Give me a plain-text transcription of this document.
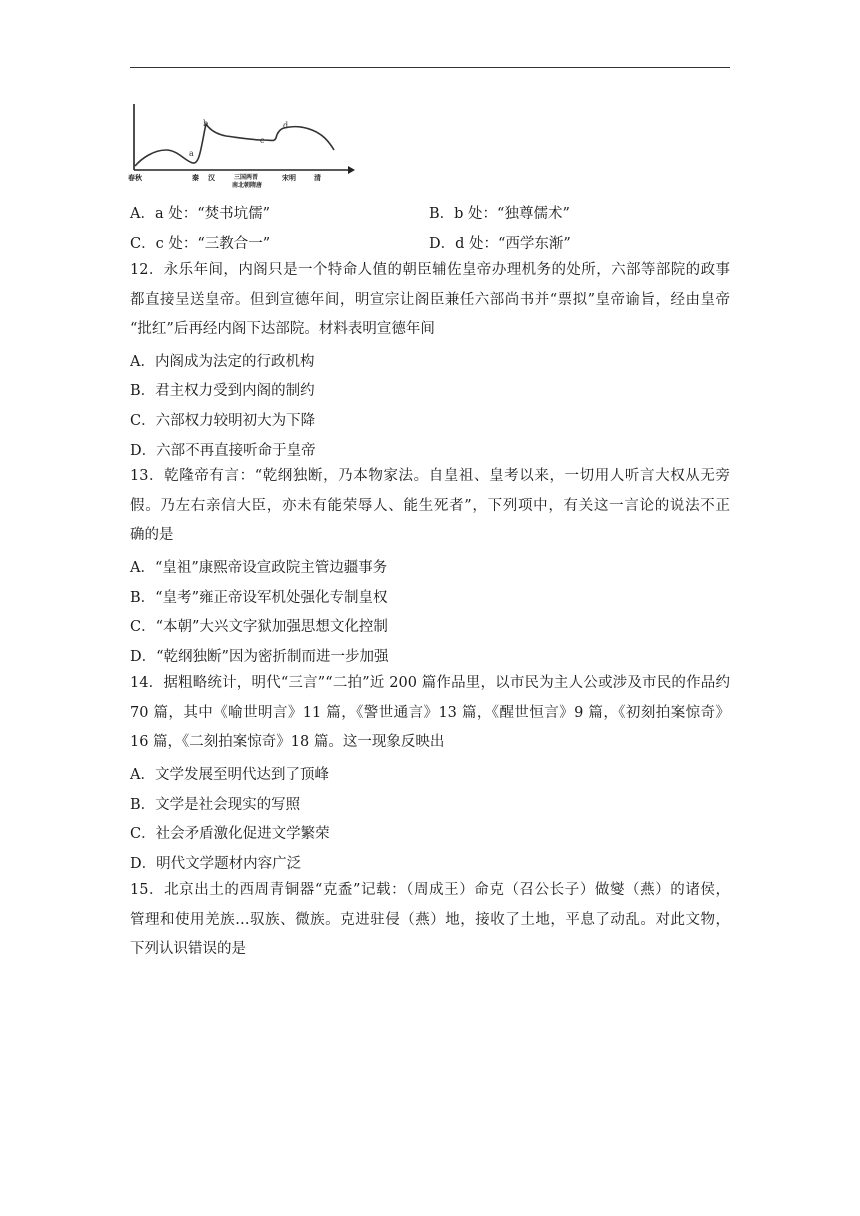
a
b
c
d
春秋	秦 汉	三国两晋
南北朝隋唐
宋明	清
A．a 处：“焚书坑儒”	B．b 处：“独尊儒术”
C．c 处：“三教合一”	D．d 处：“西学东渐”
12．永乐年间，内阁只是一个特命人值的朝臣辅佐皇帝办理机务的处所，六部等部院的政事
都直接呈送皇帝。但到宣德年间，明宣宗让阁臣兼任六部尚书并“票拟”皇帝谕旨，经由皇帝
“批红”后再经内阁下达部院。材料表明宣德年间
A．内阁成为法定的行政机构
B．君主权力受到内阁的制约
C．六部权力较明初大为下降
D．六部不再直接听命于皇帝
13．乾隆帝有言：“乾纲独断，乃本物家法。自皇祖、皇考以来，一切用人听言大权从无旁
假。乃左右亲信大臣，亦未有能荣辱人、能生死者”，下列项中，有关这一言论的说法不正
确的是
A．“皇祖”康熙帝设宣政院主管边疆事务
B．“皇考”雍正帝设军机处强化专制皇权
C．“本朝”大兴文字狱加强思想文化控制
D．“乾纲独断”因为密折制而进一步加强
14．据粗略统计，明代“三言”“二拍”近 200 篇作品里，以市民为主人公或涉及市民的作品约
70 篇，其中《喻世明言》11 篇，《警世通言》13 篇，《醒世恒言》9 篇，《初刻拍案惊奇》
16 篇，《二刻拍案惊奇》18 篇。这一现象反映出
A．文学发展至明代达到了顶峰
B．文学是社会现实的写照
C．社会矛盾激化促进文学繁荣
D．明代文学题材内容广泛
15．北京出土的西周青铜器“克盉”记载：（周成王）命克（召公长子）做燮（燕）的诸侯，
管理和使用羌族…驭族、微族。克进驻侵（燕）地，接收了土地，平息了动乱。对此文物，
下列认识错误的是
